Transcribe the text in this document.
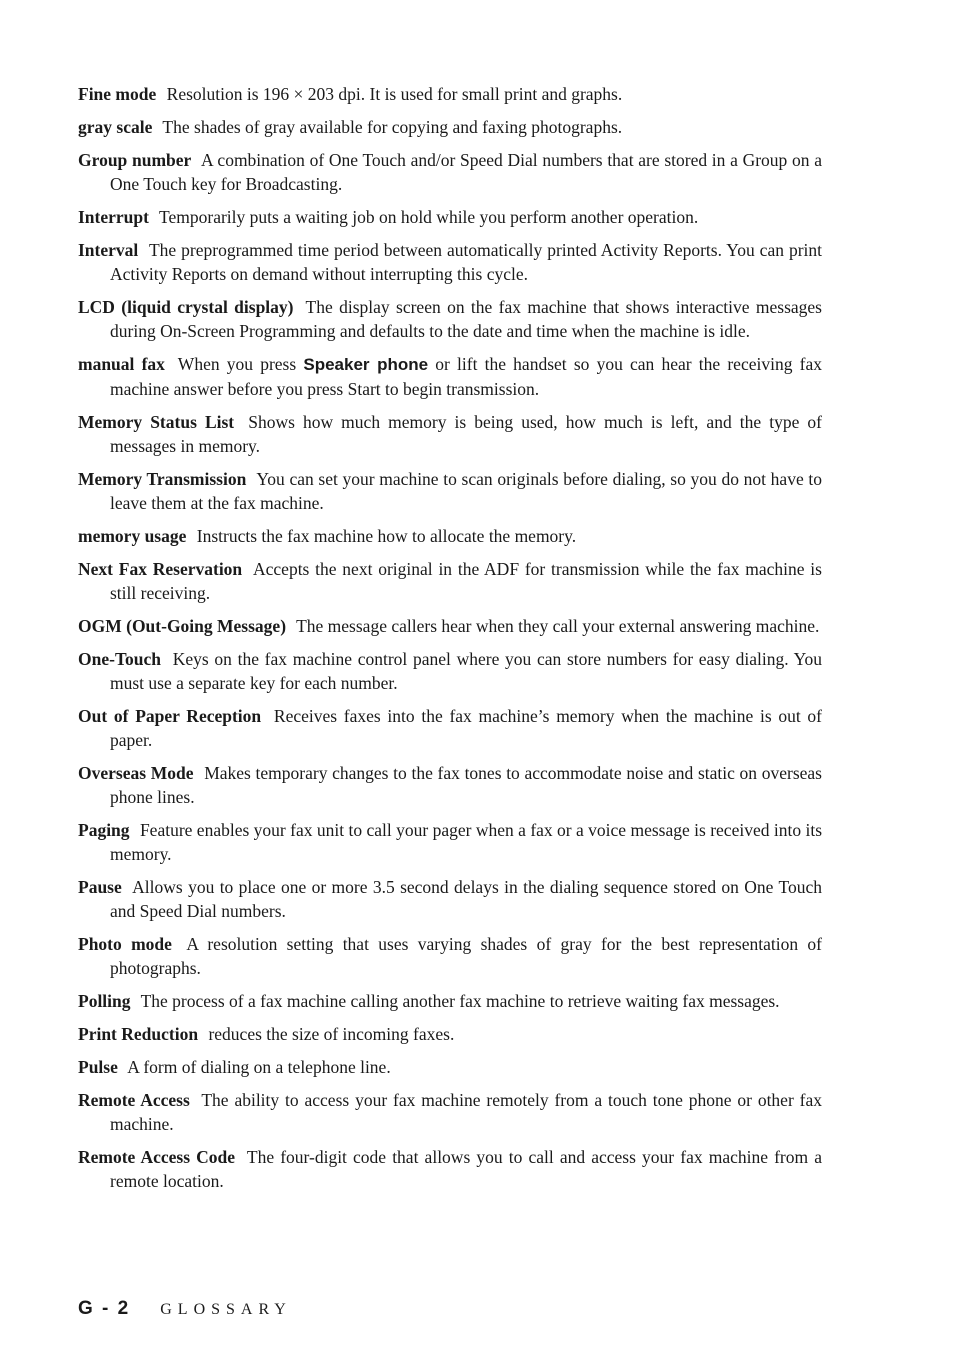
Fine mode Resolution is 196 × 203 dpi. It is used for small print and graphs.

gray scale The shades of gray available for copying and faxing photographs.

Group number A combination of One Touch and/or Speed Dial numbers that are stored in a Group on a One Touch key for Broadcasting.

Interrupt Temporarily puts a waiting job on hold while you perform another operation.

Interval The preprogrammed time period between automatically printed Activity Reports. You can print Activity Reports on demand without interrupting this cycle.

LCD (liquid crystal display) The display screen on the fax machine that shows interactive messages during On-Screen Programming and defaults to the date and time when the machine is idle.

manual fax When you press Speaker phone or lift the handset so you can hear the receiving fax machine answer before you press Start to begin transmission.

Memory Status List Shows how much memory is being used, how much is left, and the type of messages in memory.

Memory Transmission You can set your machine to scan originals before dialing, so you do not have to leave them at the fax machine.

memory usage Instructs the fax machine how to allocate the memory.

Next Fax Reservation Accepts the next original in the ADF for transmission while the fax machine is still receiving.

OGM (Out-Going Message) The message callers hear when they call your external answering machine.

One-Touch Keys on the fax machine control panel where you can store numbers for easy dialing. You must use a separate key for each number.

Out of Paper Reception Receives faxes into the fax machine’s memory when the machine is out of paper.

Overseas Mode Makes temporary changes to the fax tones to accommodate noise and static on overseas phone lines.

Paging Feature enables your fax unit to call your pager when a fax or a voice message is received into its memory.

Pause Allows you to place one or more 3.5 second delays in the dialing sequence stored on One Touch and Speed Dial numbers.

Photo mode A resolution setting that uses varying shades of gray for the best representation of photographs.

Polling The process of a fax machine calling another fax machine to retrieve waiting fax messages.

Print Reduction reduces the size of incoming faxes.

Pulse A form of dialing on a telephone line.

Remote Access The ability to access your fax machine remotely from a touch tone phone or other fax machine.

Remote Access Code The four-digit code that allows you to call and access your fax machine from a remote location.

G - 2 GLOSSARY
